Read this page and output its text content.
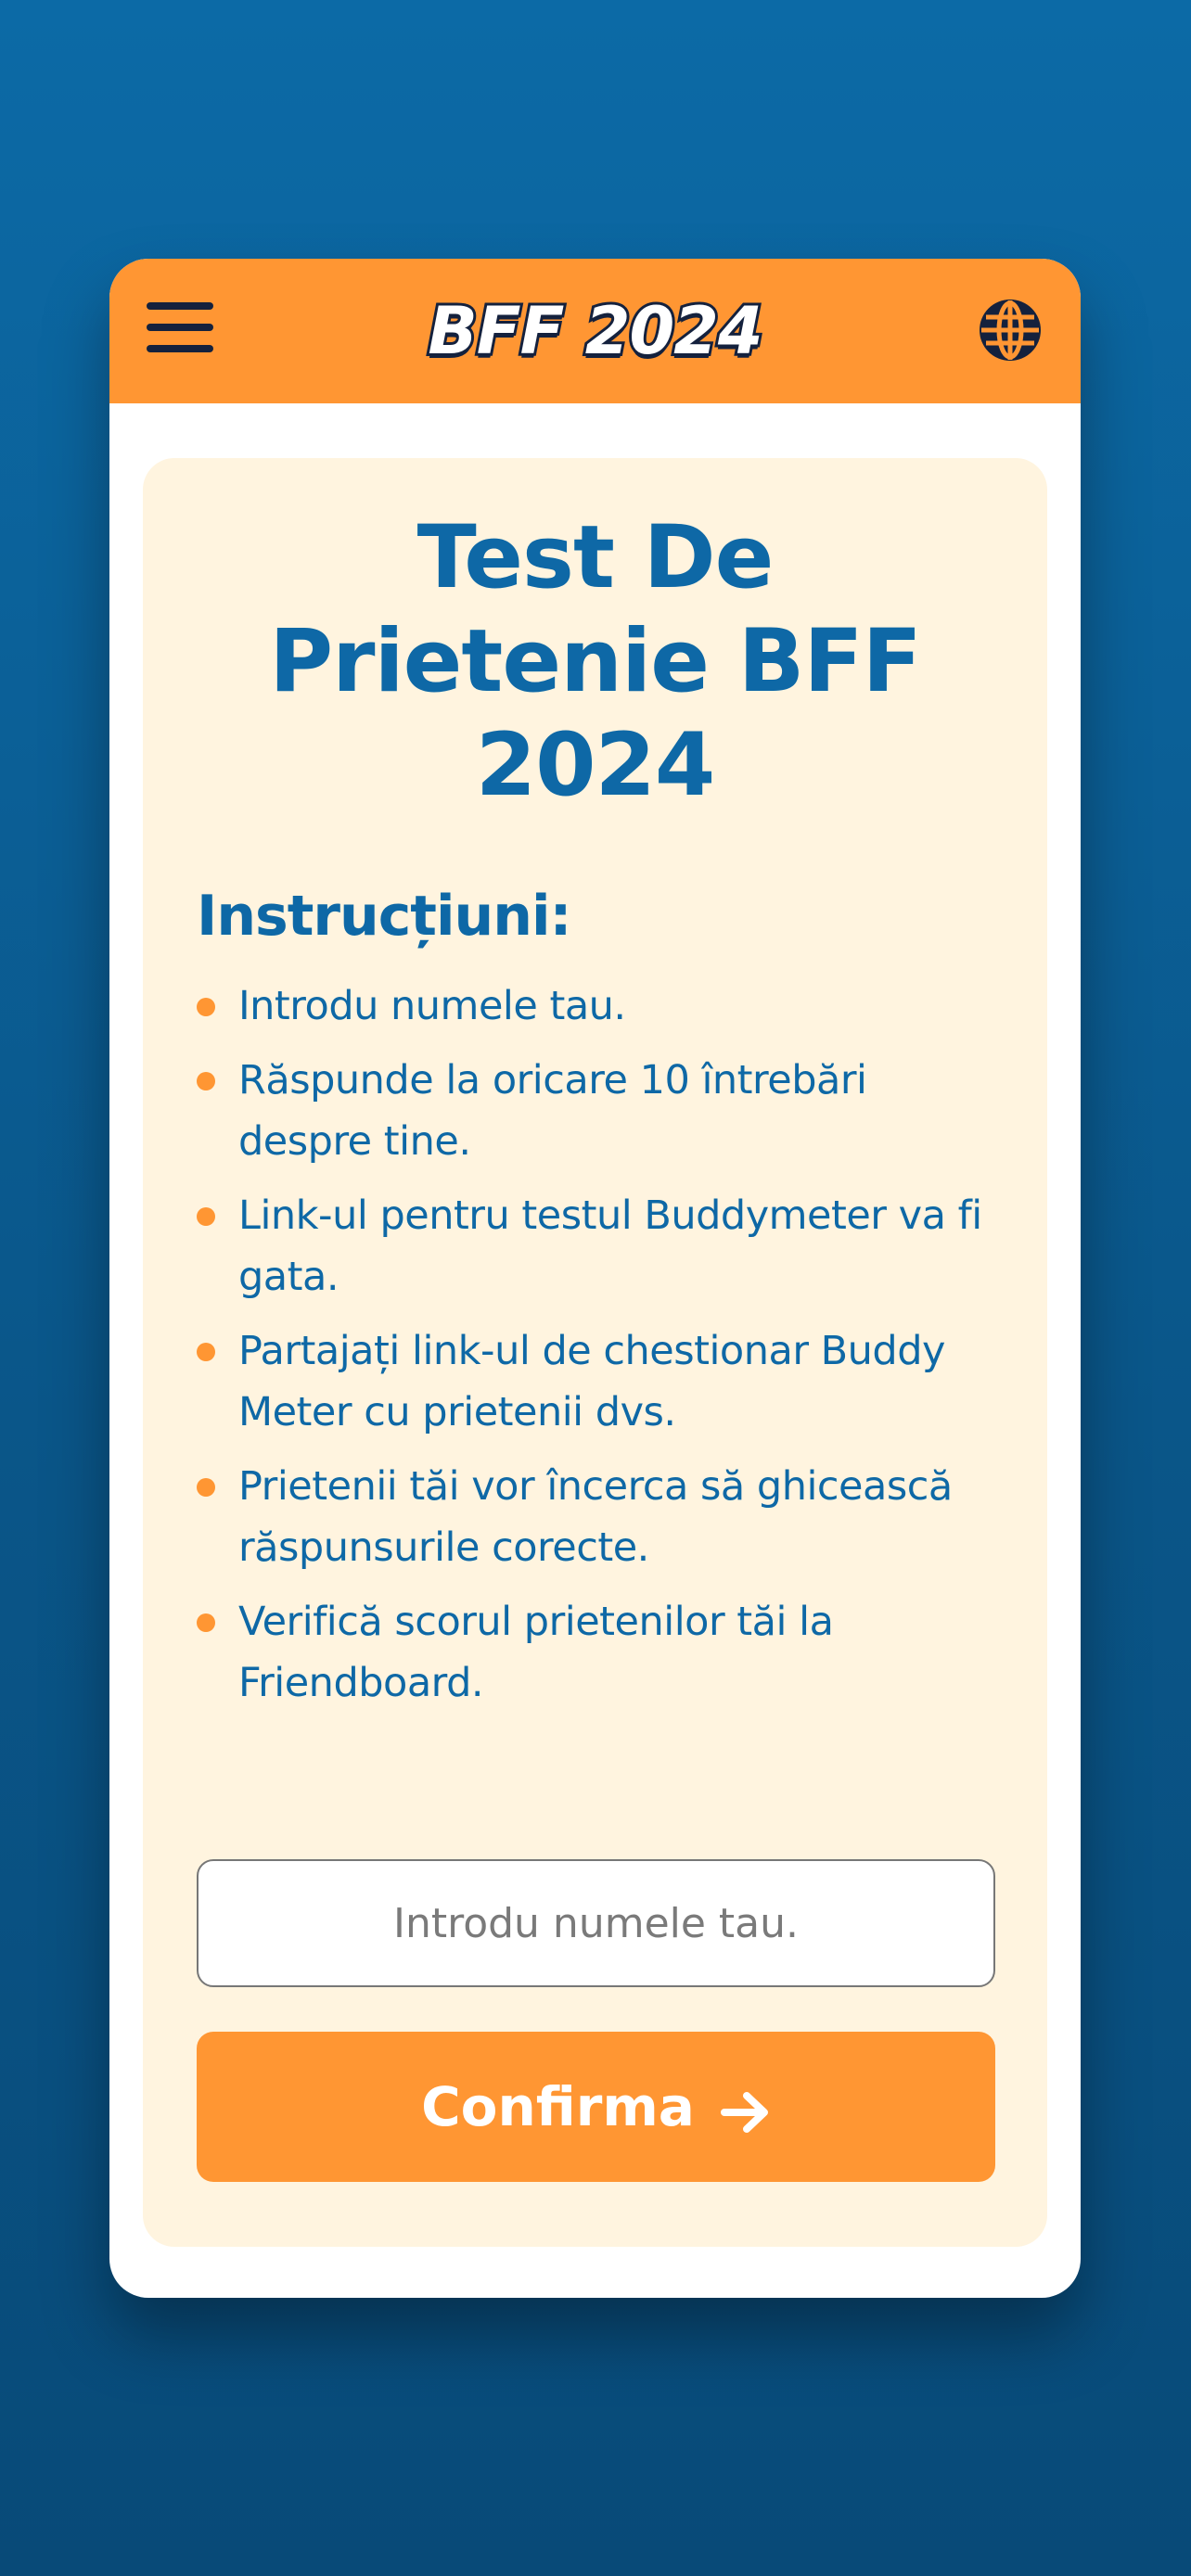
BFF 2024
Test De Prietenie BFF 2024
Instrucțiuni:
Introdu numele tau.
Răspunde la oricare 10 întrebări despre tine.
Link-ul pentru testul Buddymeter va fi gata.
Partajați link-ul de chestionar Buddy Meter cu prietenii dvs.
Prietenii tăi vor încerca să ghicească răspunsurile corecte.
Verifică scorul prietenilor tăi la Friendboard.
Introdu numele tau.
Confirma
